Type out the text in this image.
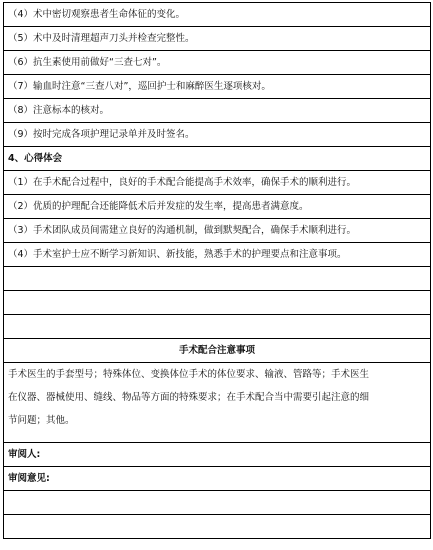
（4）术中密切观察患者生命体征的变化。
（5）术中及时清理超声刀头并检查完整性。
（6）抗生素使用前做好“三查七对”。
（7）输血时注意“三查八对”，巡回护士和麻醉医生逐项核对。
（8）注意标本的核对。
（9）按时完成各项护理记录单并及时签名。
4、心得体会
（1）在手术配合过程中，良好的手术配合能提高手术效率，确保手术的顺利进行。
（2）优质的护理配合还能降低术后并发症的发生率，提高患者满意度。
（3）手术团队成员间需建立良好的沟通机制，做到默契配合，确保手术顺利进行。
（4）手术室护士应不断学习新知识、新技能，熟悉手术的护理要点和注意事项。
手术配合注意事项
手术医生的手套型号；特殊体位、变换体位手术的体位要求、输液、管路等；手术医生
在仪器、器械使用、缝线、物品等方面的特殊要求；在手术配合当中需要引起注意的细
节问题；其他。
审阅人:
审阅意见:
